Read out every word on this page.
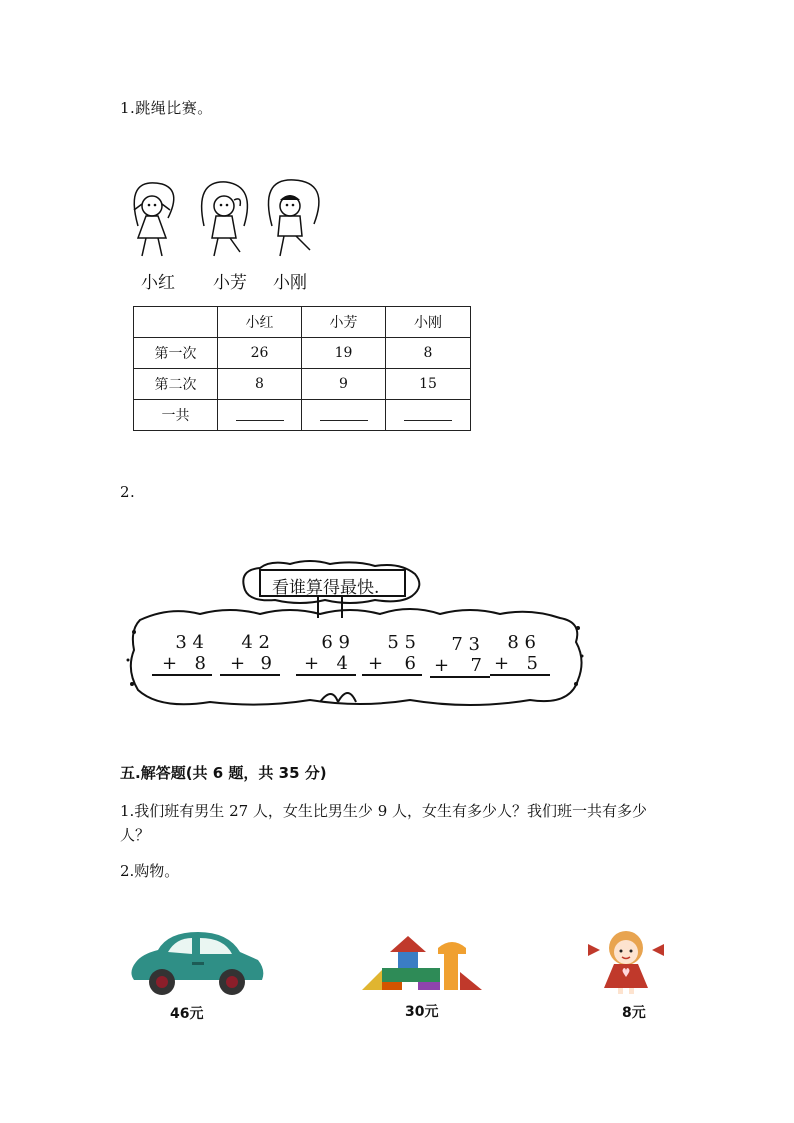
1.跳绳比赛。
小红 小芳 小刚
	小红	小芳	小刚
第一次	26	19	8
第二次	8	9	15
一共			
2.
看谁算得最快.
3 4
+ 8
4 2
+ 9
6 9
+ 4
5 5
+ 6
7 3
+ 7
8 6
+ 5
五.解答题(共 6 题，共 35 分)
1.我们班有男生 27 人，女生比男生少 9 人，女生有多少人？我们班一共有多少
人？
2.购物。
46元	30元	8元
